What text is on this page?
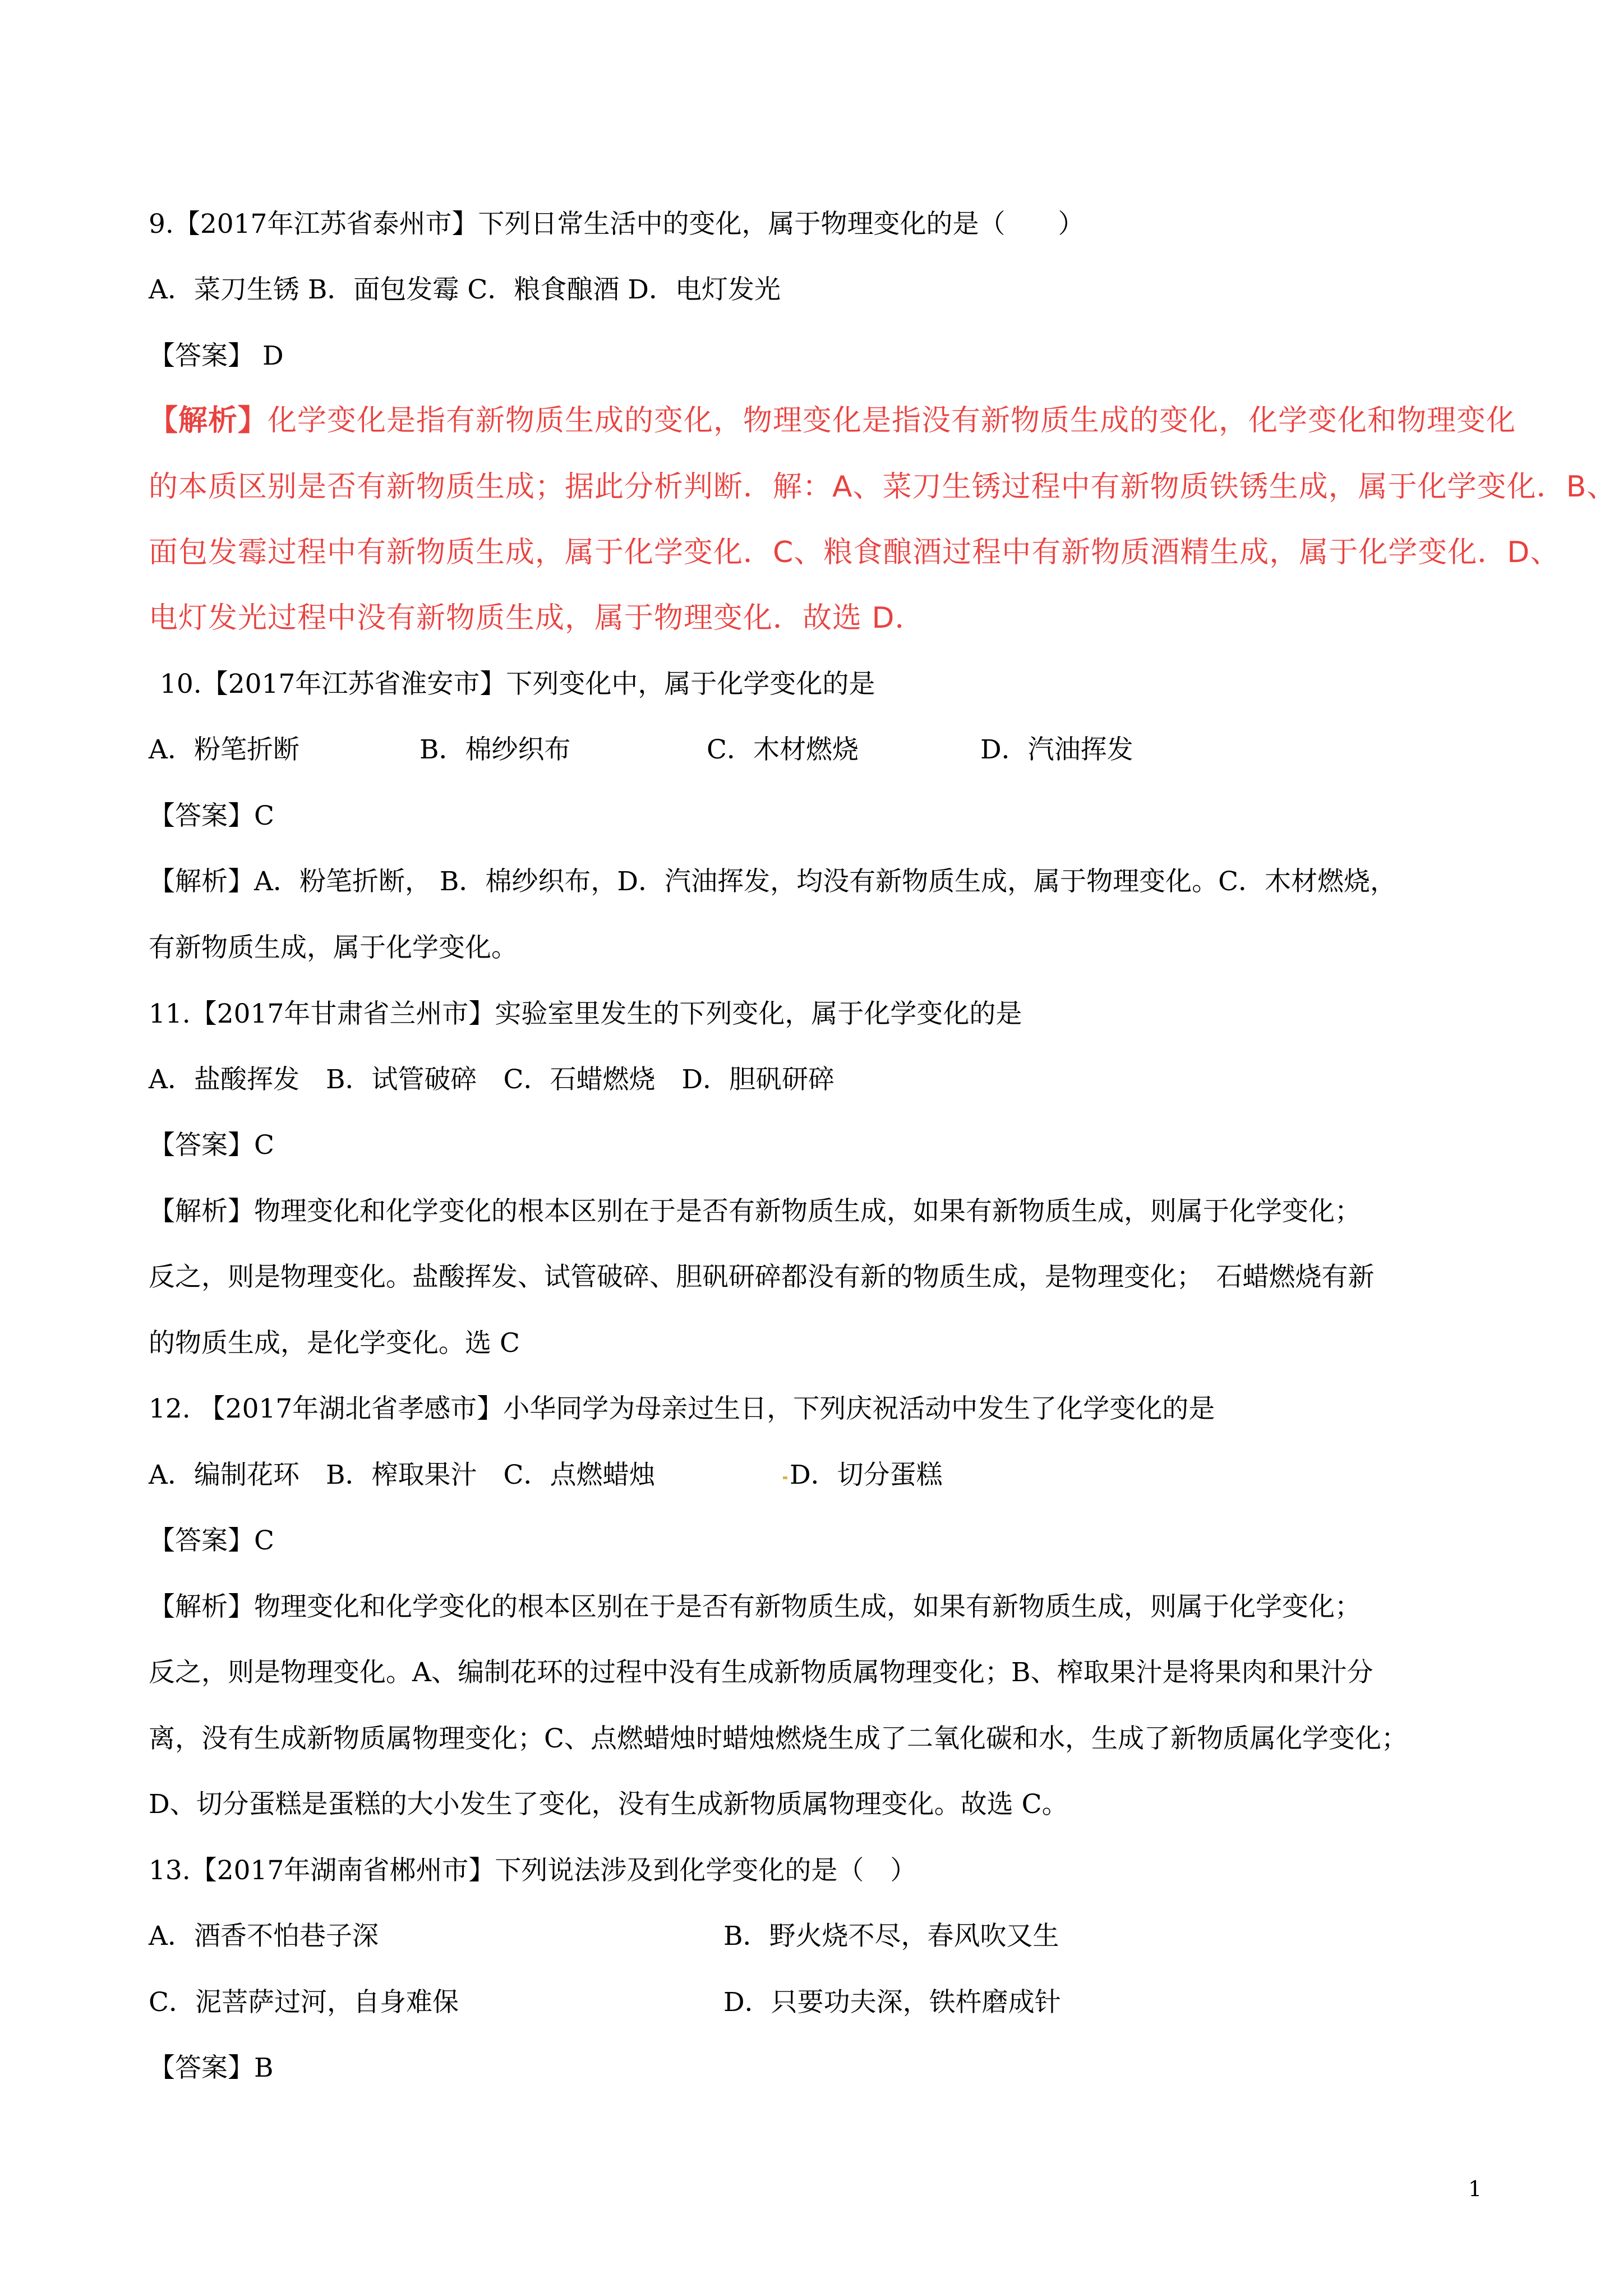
9.【2017年江苏省泰州市】下列日常生活中的变化，属于物理变化的是（　　）
A．菜刀生锈 B．面包发霉 C．粮食酿酒 D．电灯发光
【答案】 D
【解析】化学变化是指有新物质生成的变化，物理变化是指没有新物质生成的变化，化学变化和物理变化
的本质区别是否有新物质生成；据此分析判断．解：A、菜刀生锈过程中有新物质铁锈生成，属于化学变化．B、
面包发霉过程中有新物质生成，属于化学变化．C、粮食酿酒过程中有新物质酒精生成，属于化学变化．D、
电灯发光过程中没有新物质生成，属于物理变化．故选 D．
10.【2017年江苏省淮安市】下列变化中，属于化学变化的是
A．粉笔折断	B．棉纱织布	C．木材燃烧	D．汽油挥发
【答案】C
【解析】A．粉笔折断， B．棉纱织布，D．汽油挥发，均没有新物质生成，属于物理变化。C．木材燃烧，
有新物质生成，属于化学变化。
11.【2017年甘肃省兰州市】实验室里发生的下列变化，属于化学变化的是
A．盐酸挥发　B．试管破碎　C．石蜡燃烧　D．胆矾研碎
【答案】C
【解析】物理变化和化学变化的根本区别在于是否有新物质生成，如果有新物质生成，则属于化学变化；
反之，则是物理变化。盐酸挥发、试管破碎、胆矾研碎都没有新的物质生成，是物理变化；　石蜡燃烧有新
的物质生成，是化学变化。选 C
12. 【2017年湖北省孝感市】小华同学为母亲过生日，下列庆祝活动中发生了化学变化的是
A．编制花环　B．榨取果汁　C．点燃蜡烛	D．切分蛋糕
【答案】C
【解析】物理变化和化学变化的根本区别在于是否有新物质生成，如果有新物质生成，则属于化学变化；
反之，则是物理变化。A、编制花环的过程中没有生成新物质属物理变化；B、榨取果汁是将果肉和果汁分
离，没有生成新物质属物理变化；C、点燃蜡烛时蜡烛燃烧生成了二氧化碳和水，生成了新物质属化学变化；
D、切分蛋糕是蛋糕的大小发生了变化，没有生成新物质属物理变化。故选 C。
13.【2017年湖南省郴州市】下列说法涉及到化学变化的是（　）
A．酒香不怕巷子深	B．野火烧不尽，春风吹又生
C．泥菩萨过河，自身难保	D．只要功夫深，铁杵磨成针
【答案】B
1
